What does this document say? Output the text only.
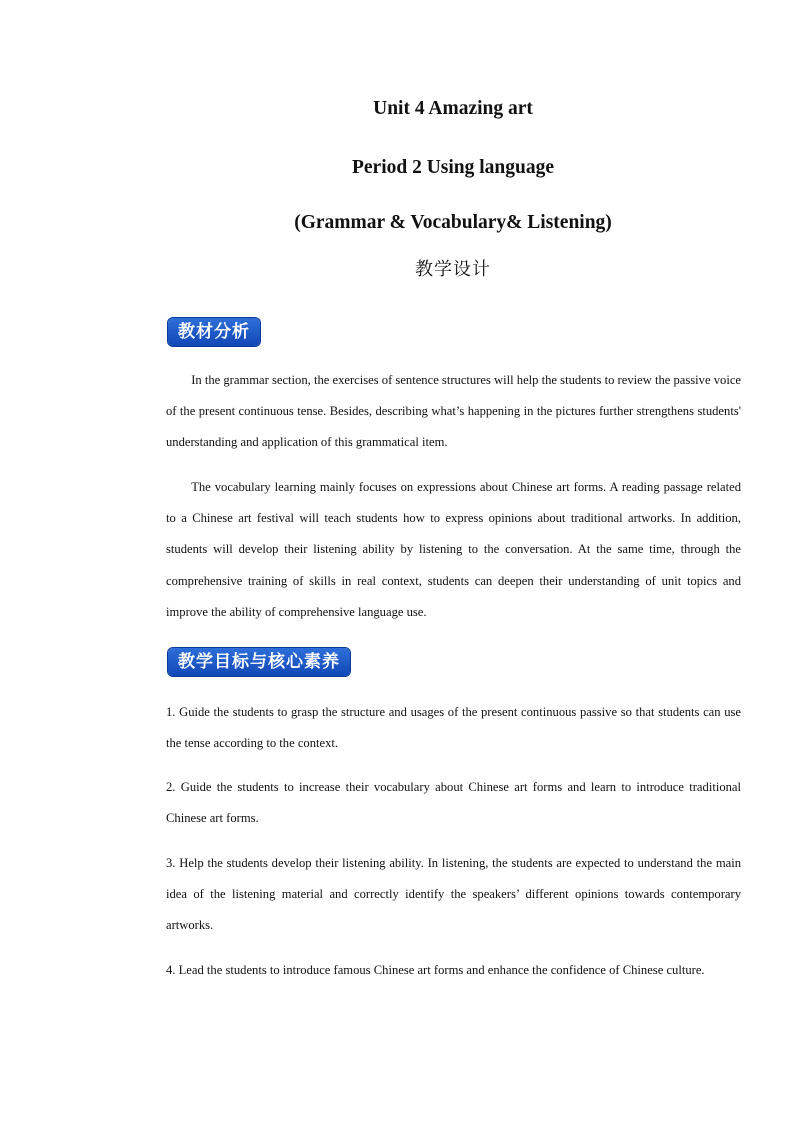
Unit 4 Amazing art
Period 2 Using language
(Grammar & Vocabulary& Listening)
教学设计
教材分析

In the grammar section, the exercises of sentence structures will help the students to review the passive voice of the present continuous tense. Besides, describing what’s happening in the pictures further strengthens students' understanding and application of this grammatical item.

The vocabulary learning mainly focuses on expressions about Chinese art forms. A reading passage related to a Chinese art festival will teach students how to express opinions about traditional artworks. In addition, students will develop their listening ability by listening to the conversation. At the same time, through the comprehensive training of skills in real context, students can deepen their understanding of unit topics and improve the ability of comprehensive language use.

教学目标与核心素养

1. Guide the students to grasp the structure and usages of the present continuous passive so that students can use the tense according to the context.

2. Guide the students to increase their vocabulary about Chinese art forms and learn to introduce traditional Chinese art forms.

3. Help the students develop their listening ability. In listening, the students are expected to understand the main idea of the listening material and correctly identify the speakers’ different opinions towards contemporary artworks.

4. Lead the students to introduce famous Chinese art forms and enhance the confidence of Chinese culture.
